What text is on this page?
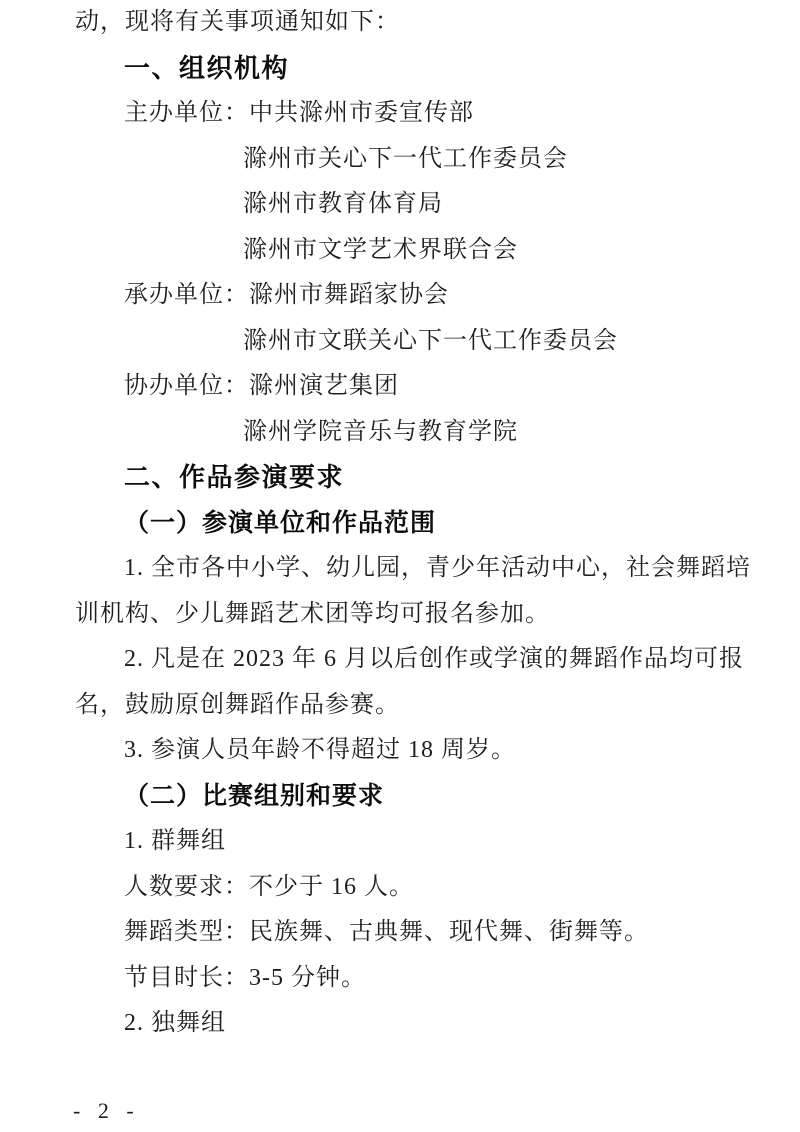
动，现将有关事项通知如下：
一、组织机构
主办单位：中共滁州市委宣传部
滁州市关心下一代工作委员会
滁州市教育体育局
滁州市文学艺术界联合会
承办单位：滁州市舞蹈家协会
滁州市文联关心下一代工作委员会
协办单位：滁州演艺集团
滁州学院音乐与教育学院
二、作品参演要求
（一）参演单位和作品范围
1. 全市各中小学、幼儿园，青少年活动中心，社会舞蹈培
训机构、少儿舞蹈艺术团等均可报名参加。
2. 凡是在 2023 年 6 月以后创作或学演的舞蹈作品均可报
名，鼓励原创舞蹈作品参赛。
3. 参演人员年龄不得超过 18 周岁。
（二）比赛组别和要求
1. 群舞组
人数要求：不少于 16 人。
舞蹈类型：民族舞、古典舞、现代舞、街舞等。
节目时长：3-5 分钟。
2. 独舞组
- 2 -
